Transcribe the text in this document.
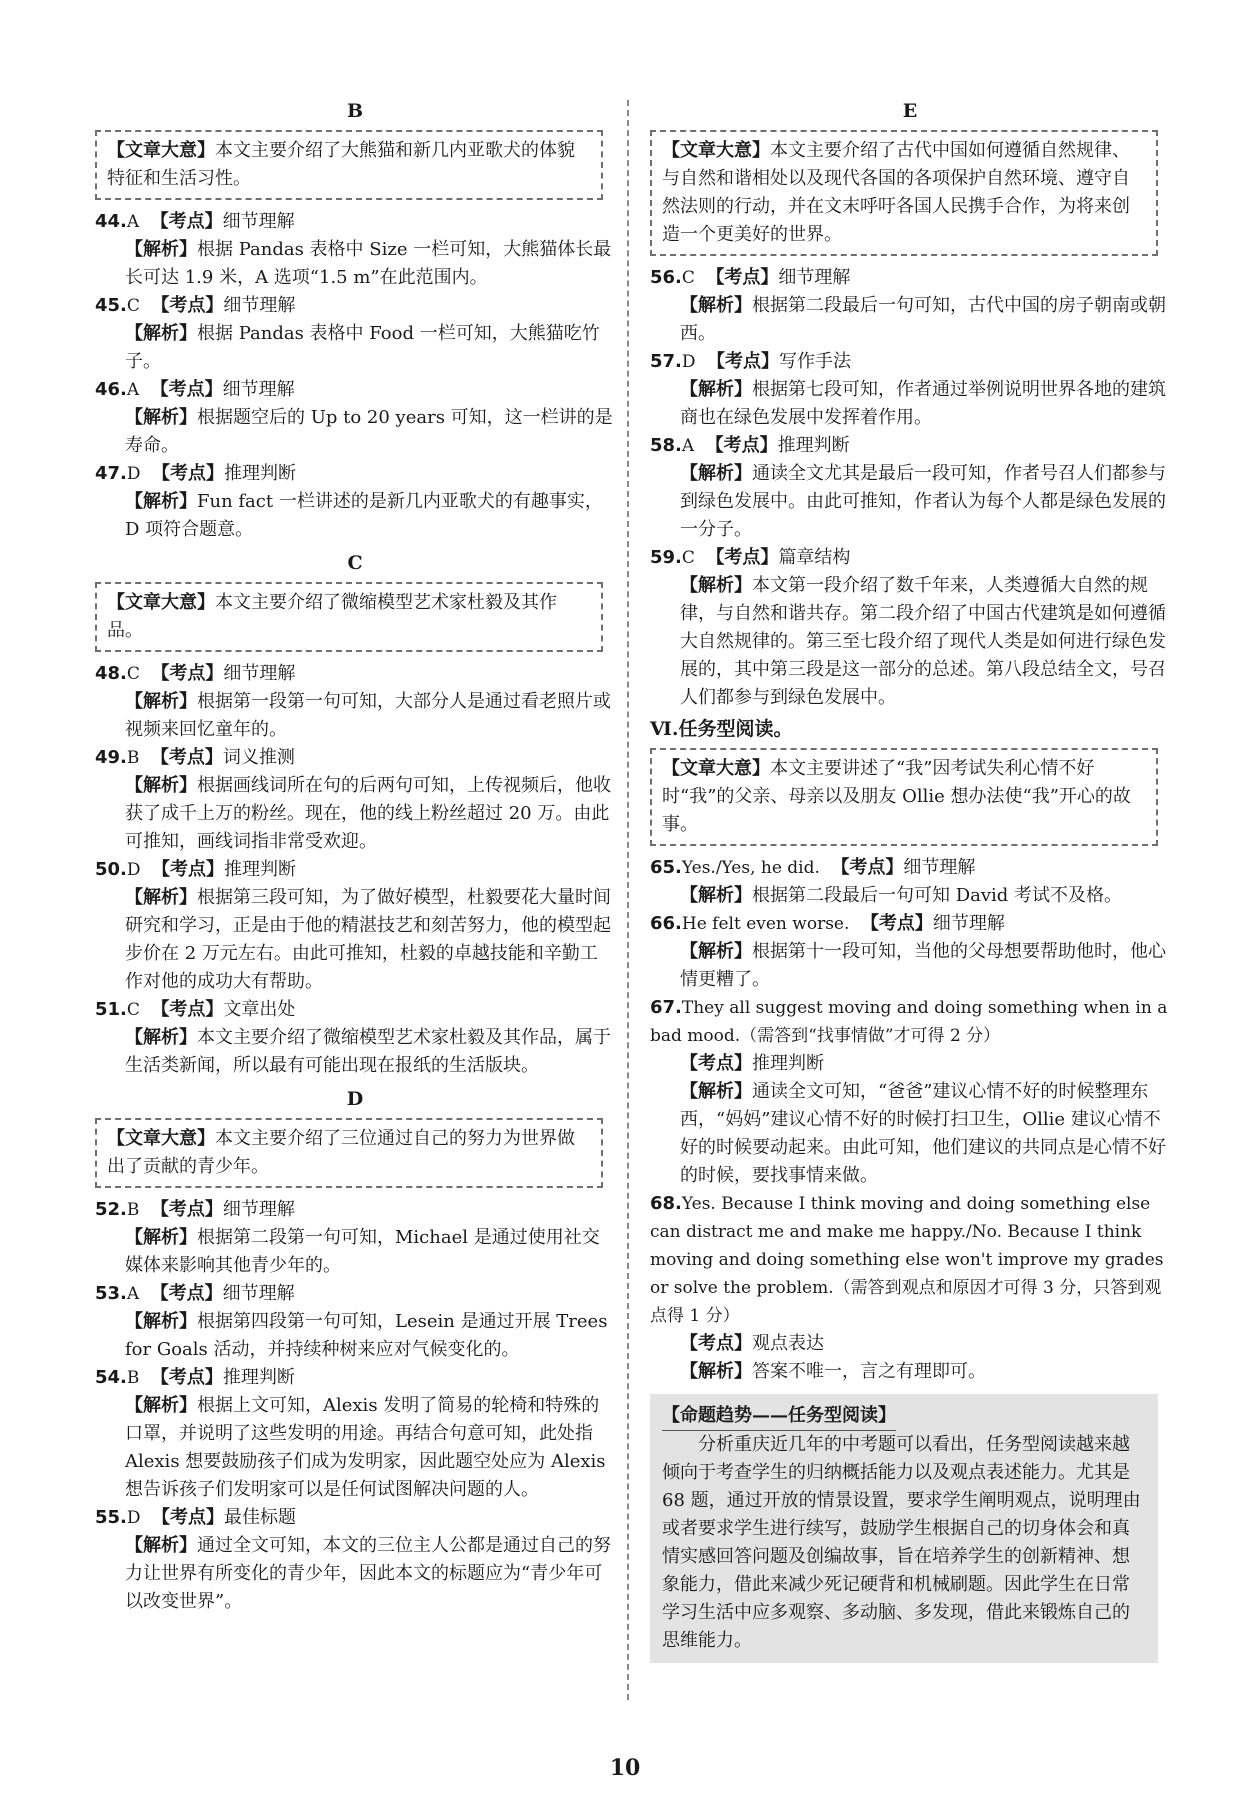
B
【文章大意】本文主要介绍了大熊猫和新几内亚歌犬的体貌特征和生活习性。
44.A 【考点】细节理解
【解析】根据 Pandas 表格中 Size 一栏可知，大熊猫体长最长可达 1.9 米，A 选项“1.5 m”在此范围内。
45.C 【考点】细节理解
【解析】根据 Pandas 表格中 Food 一栏可知，大熊猫吃竹子。
46.A 【考点】细节理解
【解析】根据题空后的 Up to 20 years 可知，这一栏讲的是寿命。
47.D 【考点】推理判断
【解析】Fun fact 一栏讲述的是新几内亚歌犬的有趣事实，D 项符合题意。
C
【文章大意】本文主要介绍了微缩模型艺术家杜毅及其作品。
48.C 【考点】细节理解
【解析】根据第一段第一句可知，大部分人是通过看老照片或视频来回忆童年的。
49.B 【考点】词义推测
【解析】根据画线词所在句的后两句可知，上传视频后，他收获了成千上万的粉丝。现在，他的线上粉丝超过 20 万。由此可推知，画线词指非常受欢迎。
50.D 【考点】推理判断
【解析】根据第三段可知，为了做好模型，杜毅要花大量时间研究和学习，正是由于他的精湛技艺和刻苦努力，他的模型起步价在 2 万元左右。由此可推知，杜毅的卓越技能和辛勤工作对他的成功大有帮助。
51.C 【考点】文章出处
【解析】本文主要介绍了微缩模型艺术家杜毅及其作品，属于生活类新闻，所以最有可能出现在报纸的生活版块。
D
【文章大意】本文主要介绍了三位通过自己的努力为世界做出了贡献的青少年。
52.B 【考点】细节理解
【解析】根据第二段第一句可知，Michael 是通过使用社交媒体来影响其他青少年的。
53.A 【考点】细节理解
【解析】根据第四段第一句可知，Lesein 是通过开展 Trees for Goals 活动，并持续种树来应对气候变化的。
54.B 【考点】推理判断
【解析】根据上文可知，Alexis 发明了简易的轮椅和特殊的口罩，并说明了这些发明的用途。再结合句意可知，此处指 Alexis 想要鼓励孩子们成为发明家，因此题空处应为 Alexis 想告诉孩子们发明家可以是任何试图解决问题的人。
55.D 【考点】最佳标题
【解析】通过全文可知，本文的三位主人公都是通过自己的努力让世界有所变化的青少年，因此本文的标题应为“青少年可以改变世界”。
E
【文章大意】本文主要介绍了古代中国如何遵循自然规律、与自然和谐相处以及现代各国的各项保护自然环境、遵守自然法则的行动，并在文末呼吁各国人民携手合作，为将来创造一个更美好的世界。
56.C 【考点】细节理解
【解析】根据第二段最后一句可知，古代中国的房子朝南或朝西。
57.D 【考点】写作手法
【解析】根据第七段可知，作者通过举例说明世界各地的建筑商也在绿色发展中发挥着作用。
58.A 【考点】推理判断
【解析】通读全文尤其是最后一段可知，作者号召人们都参与到绿色发展中。由此可推知，作者认为每个人都是绿色发展的一分子。
59.C 【考点】篇章结构
【解析】本文第一段介绍了数千年来，人类遵循大自然的规律，与自然和谐共存。第二段介绍了中国古代建筑是如何遵循大自然规律的。第三至七段介绍了现代人类是如何进行绿色发展的，其中第三段是这一部分的总述。第八段总结全文，号召人们都参与到绿色发展中。
Ⅵ.任务型阅读。
【文章大意】本文主要讲述了“我”因考试失利心情不好时“我”的父亲、母亲以及朋友 Ollie 想办法使“我”开心的故事。
65.Yes./Yes, he did. 【考点】细节理解
【解析】根据第二段最后一句可知 David 考试不及格。
66.He felt even worse. 【考点】细节理解
【解析】根据第十一段可知，当他的父母想要帮助他时，他心情更糟了。
67.They all suggest moving and doing something when in a bad mood.（需答到“找事情做”才可得 2 分）
【考点】推理判断
【解析】通读全文可知，“爸爸”建议心情不好的时候整理东西，“妈妈”建议心情不好的时候打扫卫生，Ollie 建议心情不好的时候要动起来。由此可知，他们建议的共同点是心情不好的时候，要找事情来做。
68.Yes. Because I think moving and doing something else can distract me and make me happy./No. Because I think moving and doing something else won't improve my grades or solve the problem.（需答到观点和原因才可得 3 分，只答到观点得 1 分）
【考点】观点表达
【解析】答案不唯一，言之有理即可。
【命题趋势——任务型阅读】
分析重庆近几年的中考题可以看出，任务型阅读越来越倾向于考查学生的归纳概括能力以及观点表述能力。尤其是 68 题，通过开放的情景设置，要求学生阐明观点，说明理由或者要求学生进行续写，鼓励学生根据自己的切身体会和真情实感回答问题及创编故事，旨在培养学生的创新精神、想象能力，借此来减少死记硬背和机械刷题。因此学生在日常学习生活中应多观察、多动脑、多发现，借此来锻炼自己的思维能力。
10
